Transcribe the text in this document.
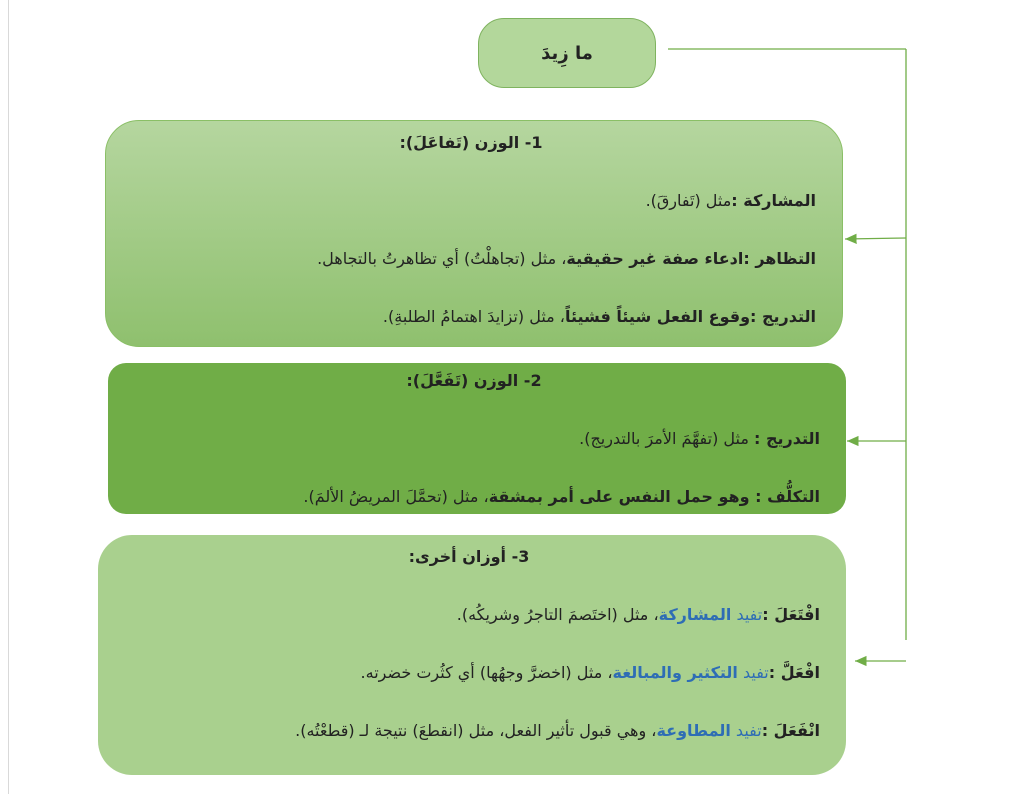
ما زِيدَ
1- الوزن (تَفاعَلَ):
المشاركة :مثل (تَفارقَ).
التظاهر :ادعاء صفة غير حقيقية، مثل (تجاهلْتُ) أي تظاهرتُ بالتجاهل.
التدريج :وقوع الفعل شيئاً فشيئاً، مثل (تزايدَ اهتمامُ الطلبةِ).
2- الوزن (تَفَعَّلَ):
التدريج : مثل (تفهَّمَ الأمرَ بالتدريج).
التكلُّف : وهو حمل النفس على أمر بمشقة، مثل (تحمَّلَ المريضُ الألمَ).
3- أوزان أخرى:
افْتَعَلَ :تفيد المشاركة، مثل (اختَصمَ التاجرُ وشريكُه).
افْعَلَّ :تفيد التكثير والمبالغة، مثل (اخضرَّ وجهُها) أي كثُرت خضرته.
انْفَعَلَ :تفيد المطاوعة، وهي قبول تأثير الفعل، مثل (انقطعَ) نتيجة لـ (قطعْتُه).
